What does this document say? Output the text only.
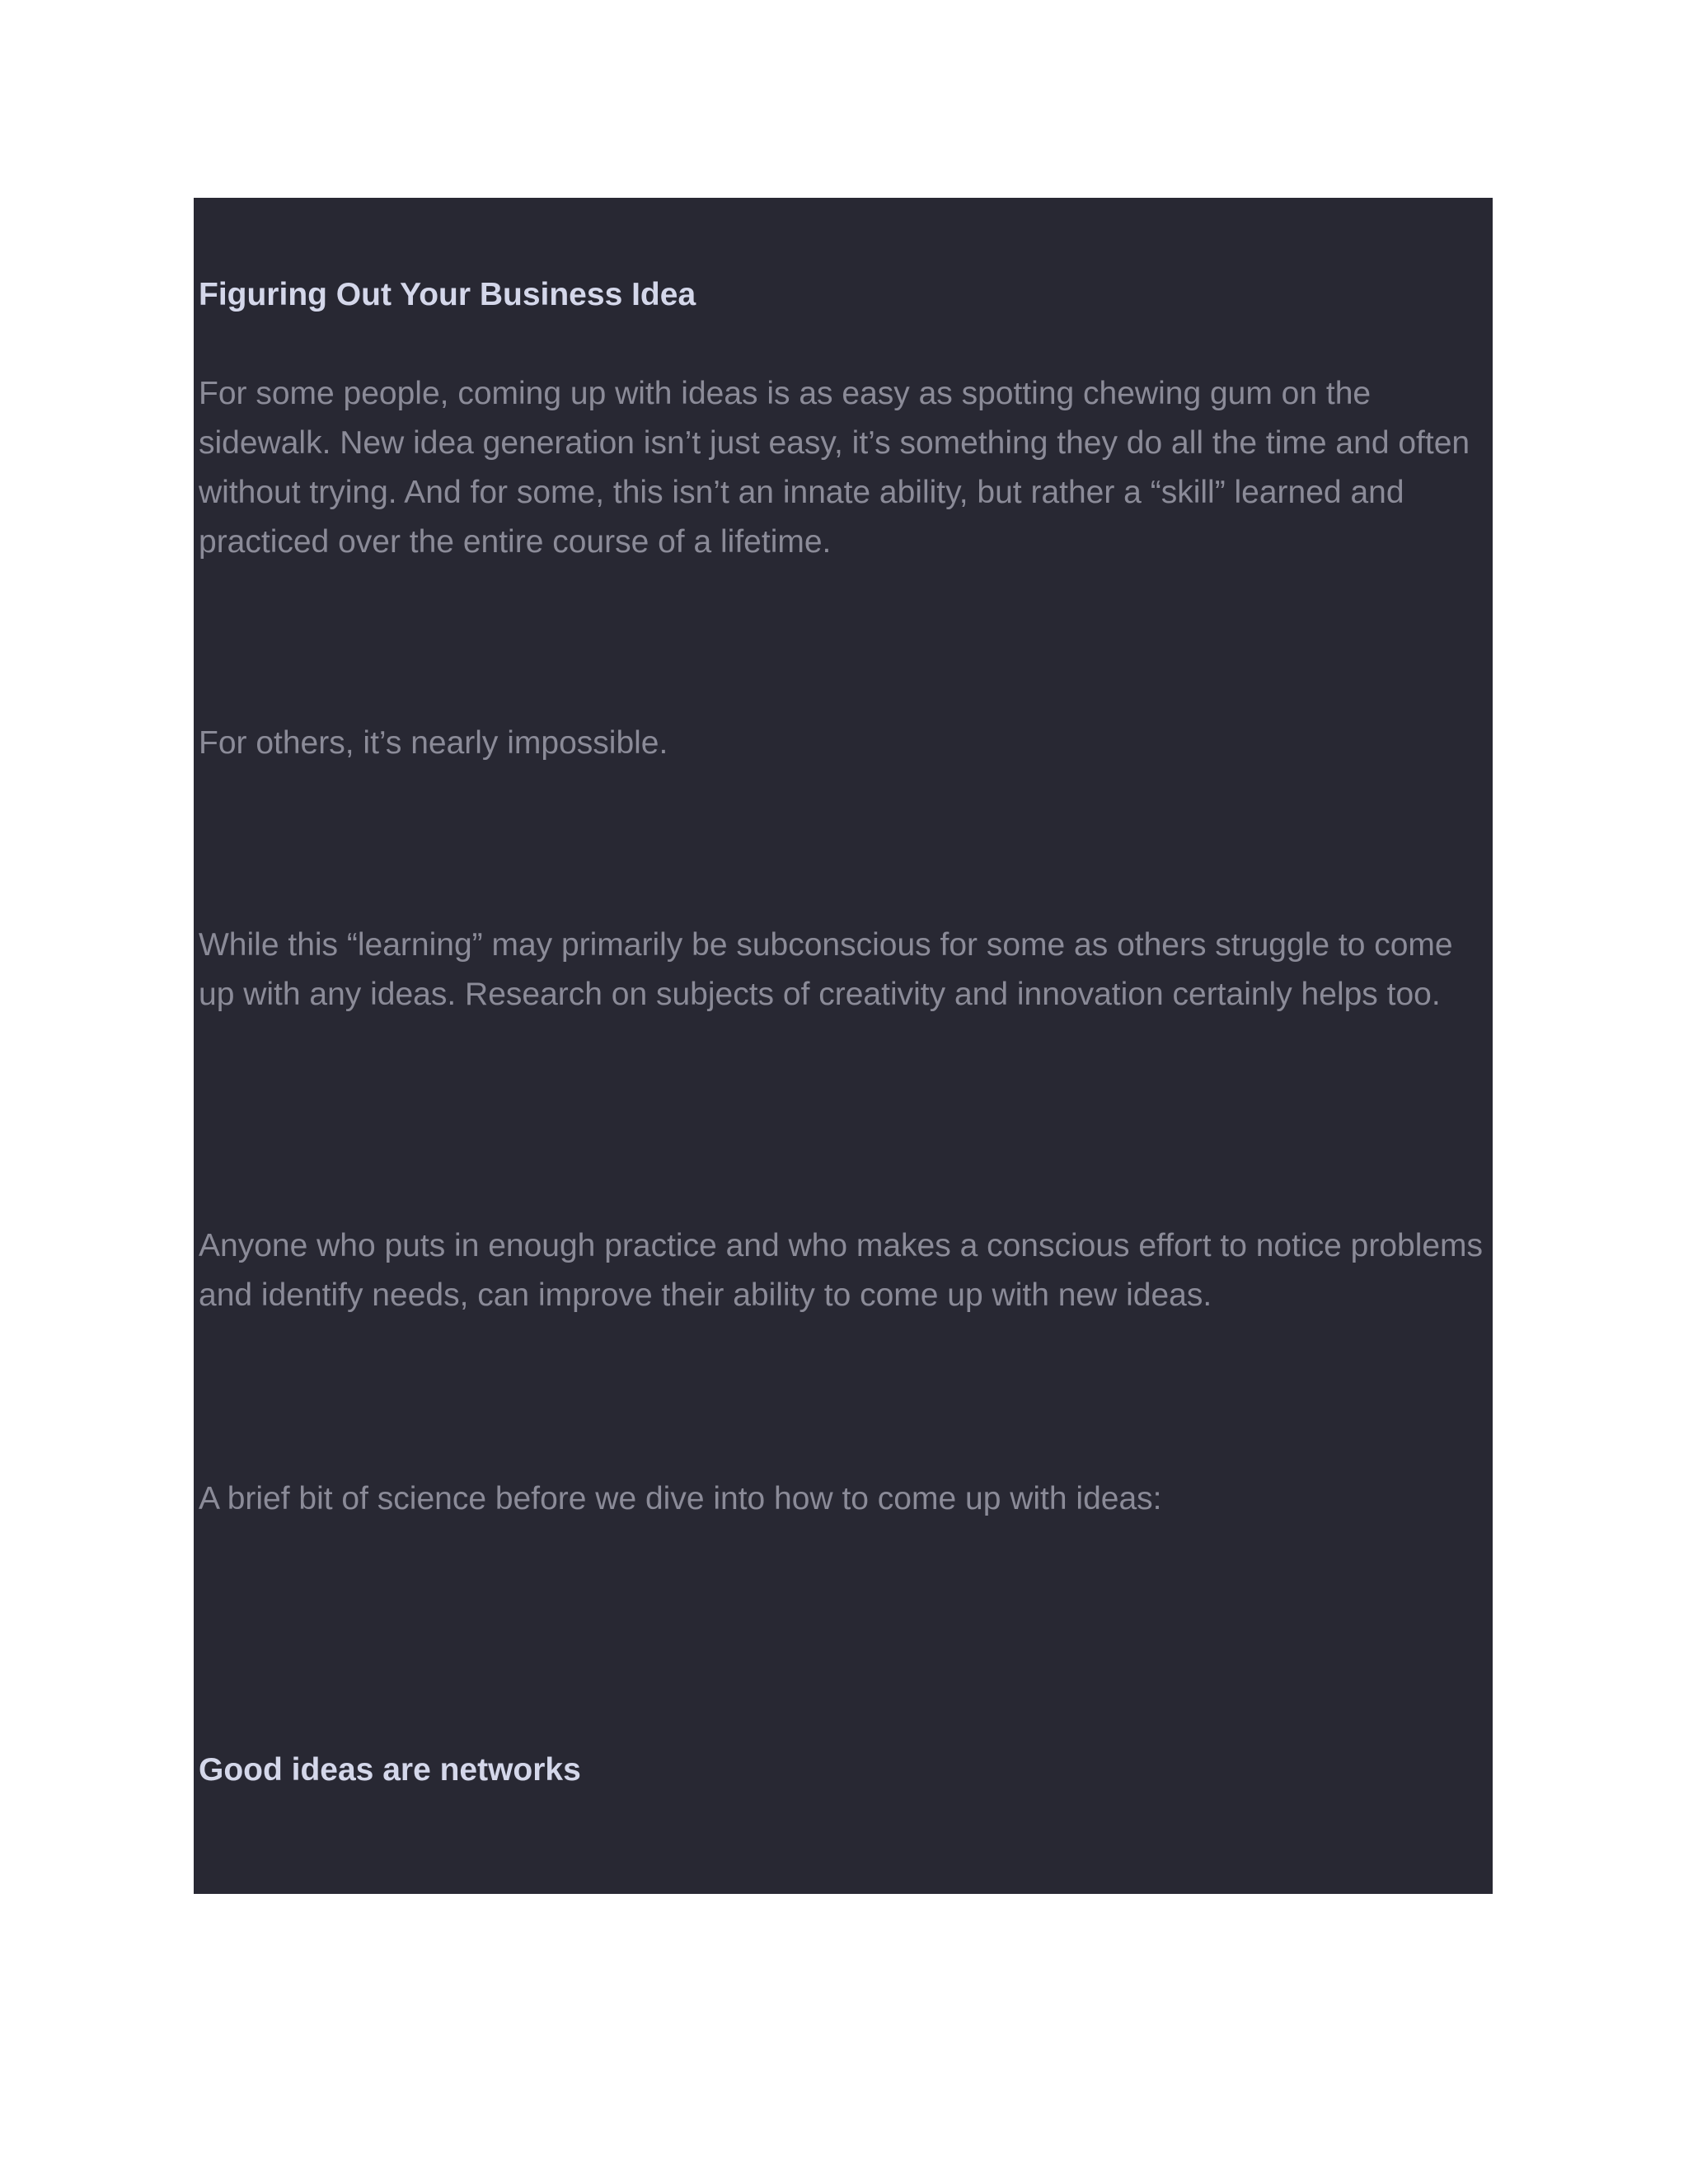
Figuring Out Your Business Idea

For some people, coming up with ideas is as easy as spotting chewing gum on the sidewalk. New idea generation isn’t just easy, it’s something they do all the time and often without trying. And for some, this isn’t an innate ability, but rather a “skill” learned and practiced over the entire course of a lifetime.

For others, it’s nearly impossible.

While this “learning” may primarily be subconscious for some as others struggle to come up with any ideas. Research on subjects of creativity and innovation certainly helps too.

Anyone who puts in enough practice and who makes a conscious effort to notice problems and identify needs, can improve their ability to come up with new ideas.

A brief bit of science before we dive into how to come up with ideas:

Good ideas are networks
